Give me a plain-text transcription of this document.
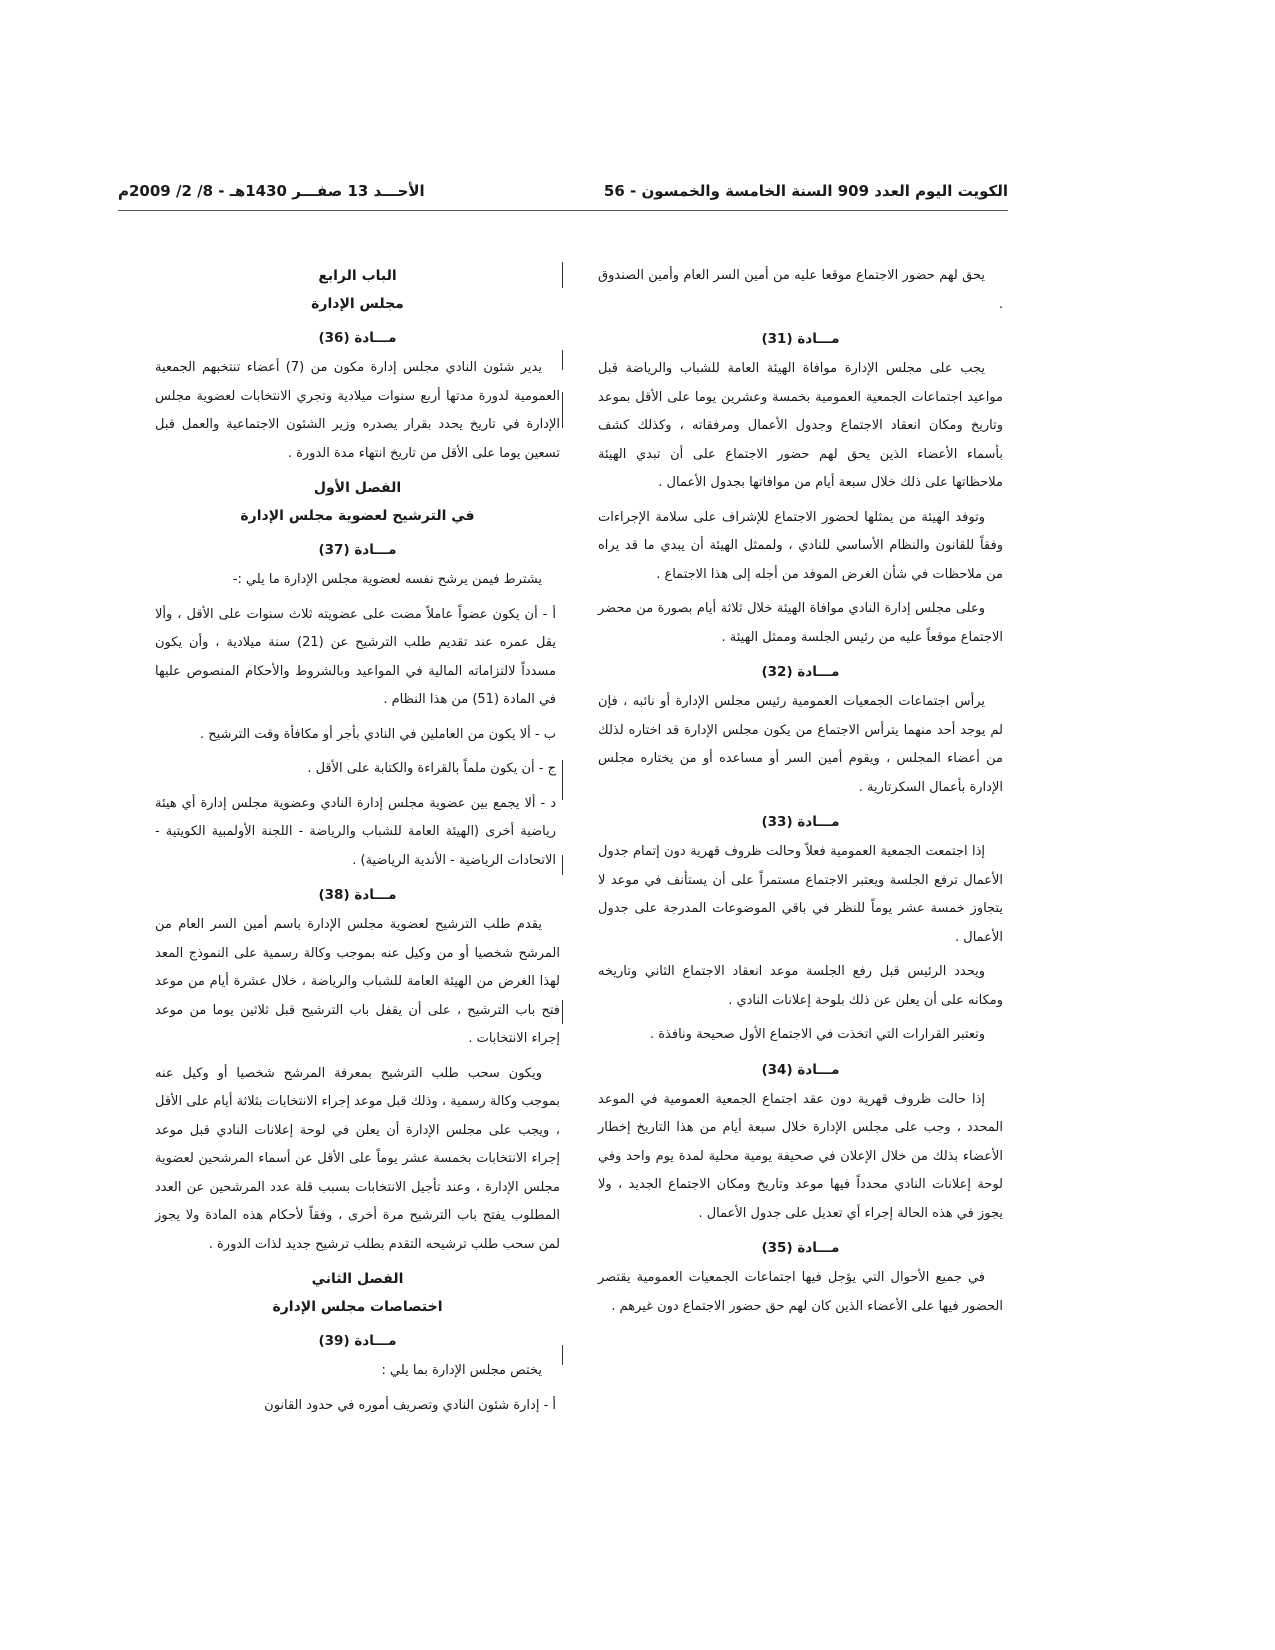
الكويت اليوم العدد 909 السنة الخامسة والخمسون - 56
الأحـــد 13 صفـــر 1430هـ - 8/ 2/ 2009م

يحق لهم حضور الاجتماع موقعا عليه من أمين السر العام وأمين الصندوق .

مـــادة (31)

يجب على مجلس الإدارة موافاة الهيئة العامة للشباب والرياضة قبل مواعيد اجتماعات الجمعية العمومية بخمسة وعشرين يوما على الأقل بموعد وتاريخ ومكان انعقاد الاجتماع وجدول الأعمال ومرفقاته ، وكذلك كشف بأسماء الأعضاء الذين يحق لهم حضور الاجتماع على أن تبدي الهيئة ملاحظاتها على ذلك خلال سبعة أيام من موافاتها بجدول الأعمال .

وتوفد الهيئة من يمثلها لحضور الاجتماع للإشراف على سلامة الإجراءات وفقاً للقانون والنظام الأساسي للنادي ، ولممثل الهيئة أن يبدي ما قد يراه من ملاحظات في شأن الغرض الموفد من أجله إلى هذا الاجتماع .

وعلى مجلس إدارة النادي موافاة الهيئة خلال ثلاثة أيام بصورة من محضر الاجتماع موقعاً عليه من رئيس الجلسة وممثل الهيئة .

مـــادة (32)

يرأس اجتماعات الجمعيات العمومية رئيس مجلس الإدارة أو نائبه ، فإن لم يوجد أحد منهما يترأس الاجتماع من يكون مجلس الإدارة قد اختاره لذلك من أعضاء المجلس ، ويقوم أمين السر أو مساعده أو من يختاره مجلس الإدارة بأعمال السكرتارية .

مـــادة (33)

إذا اجتمعت الجمعية العمومية فعلاً وحالت ظروف قهرية دون إتمام جدول الأعمال ترفع الجلسة ويعتبر الاجتماع مستمراً على أن يستأنف في موعد لا يتجاوز خمسة عشر يوماً للنظر في باقي الموضوعات المدرجة على جدول الأعمال .

ويحدد الرئيس قبل رفع الجلسة موعد انعقاد الاجتماع الثاني وتاريخه ومكانه على أن يعلن عن ذلك بلوحة إعلانات النادي .

وتعتبر القرارات التي اتخذت في الاجتماع الأول صحيحة ونافذة .

مـــادة (34)

إذا حالت ظروف قهرية دون عقد اجتماع الجمعية العمومية في الموعد المحدد ، وجب على مجلس الإدارة خلال سبعة أيام من هذا التاريخ إخطار الأعضاء بذلك من خلال الإعلان في صحيفة يومية محلية لمدة يوم واحد وفي لوحة إعلانات النادي محدداً فيها موعد وتاريخ ومكان الاجتماع الجديد ، ولا يجوز في هذه الحالة إجراء أي تعديل على جدول الأعمال .

مـــادة (35)

في جميع الأحوال التي يؤجل فيها اجتماعات الجمعيات العمومية يقتصر الحضور فيها على الأعضاء الذين كان لهم حق حضور الاجتماع دون غيرهم .

الباب الرابع
مجلس الإدارة
مـــادة (36)

يدير شئون النادي مجلس إدارة مكون من (7) أعضاء تنتخبهم الجمعية العمومية لدورة مدتها أربع سنوات ميلادية وتجري الانتخابات لعضوية مجلس الإدارة في تاريخ يحدد بقرار يصدره وزير الشئون الاجتماعية والعمل قبل تسعين يوما على الأقل من تاريخ انتهاء مدة الدورة .

الفصل الأول
في الترشيح لعضوية مجلس الإدارة
مـــادة (37)

يشترط فيمن يرشح نفسه لعضوية مجلس الإدارة ما يلي :-

أ - أن يكون عضواً عاملاً مضت على عضويته ثلاث سنوات على الأقل ، وألا يقل عمره عند تقديم طلب الترشيح عن (21) سنة ميلادية ، وأن يكون مسدداً لالتزاماته المالية في المواعيد وبالشروط والأحكام المنصوص عليها في المادة (51) من هذا النظام .

ب - ألا يكون من العاملين في النادي بأجر أو مكافأة وقت الترشيح .

ج - أن يكون ملماً بالقراءة والكتابة على الأقل .

د - ألا يجمع بين عضوية مجلس إدارة النادي وعضوية مجلس إدارة أي هيئة رياضية أخرى (الهيئة العامة للشباب والرياضة - اللجنة الأولمبية الكويتية - الاتحادات الرياضية - الأندية الرياضية) .

مـــادة (38)

يقدم طلب الترشيح لعضوية مجلس الإدارة باسم أمين السر العام من المرشح شخصيا أو من وكيل عنه بموجب وكالة رسمية على النموذج المعد لهذا الغرض من الهيئة العامة للشباب والرياضة ، خلال عشرة أيام من موعد فتح باب الترشيح ، على أن يقفل باب الترشيح قبل ثلاثين يوما من موعد إجراء الانتخابات .

ويكون سحب طلب الترشيح بمعرفة المرشح شخصيا أو وكيل عنه بموجب وكالة رسمية ، وذلك قبل موعد إجراء الانتخابات بثلاثة أيام على الأقل ، ويجب على مجلس الإدارة أن يعلن في لوحة إعلانات النادي قبل موعد إجراء الانتخابات بخمسة عشر يوماً على الأقل عن أسماء المرشحين لعضوية مجلس الإدارة ، وعند تأجيل الانتخابات بسبب قلة عدد المرشحين عن العدد المطلوب يفتح باب الترشيح مرة أخرى ، وفقاً لأحكام هذه المادة ولا يجوز لمن سحب طلب ترشيحه التقدم بطلب ترشيح جديد لذات الدورة .

الفصل الثاني
اختصاصات مجلس الإدارة
مـــادة (39)

يختص مجلس الإدارة بما يلي :

أ - إدارة شئون النادي وتصريف أموره في حدود القانون
